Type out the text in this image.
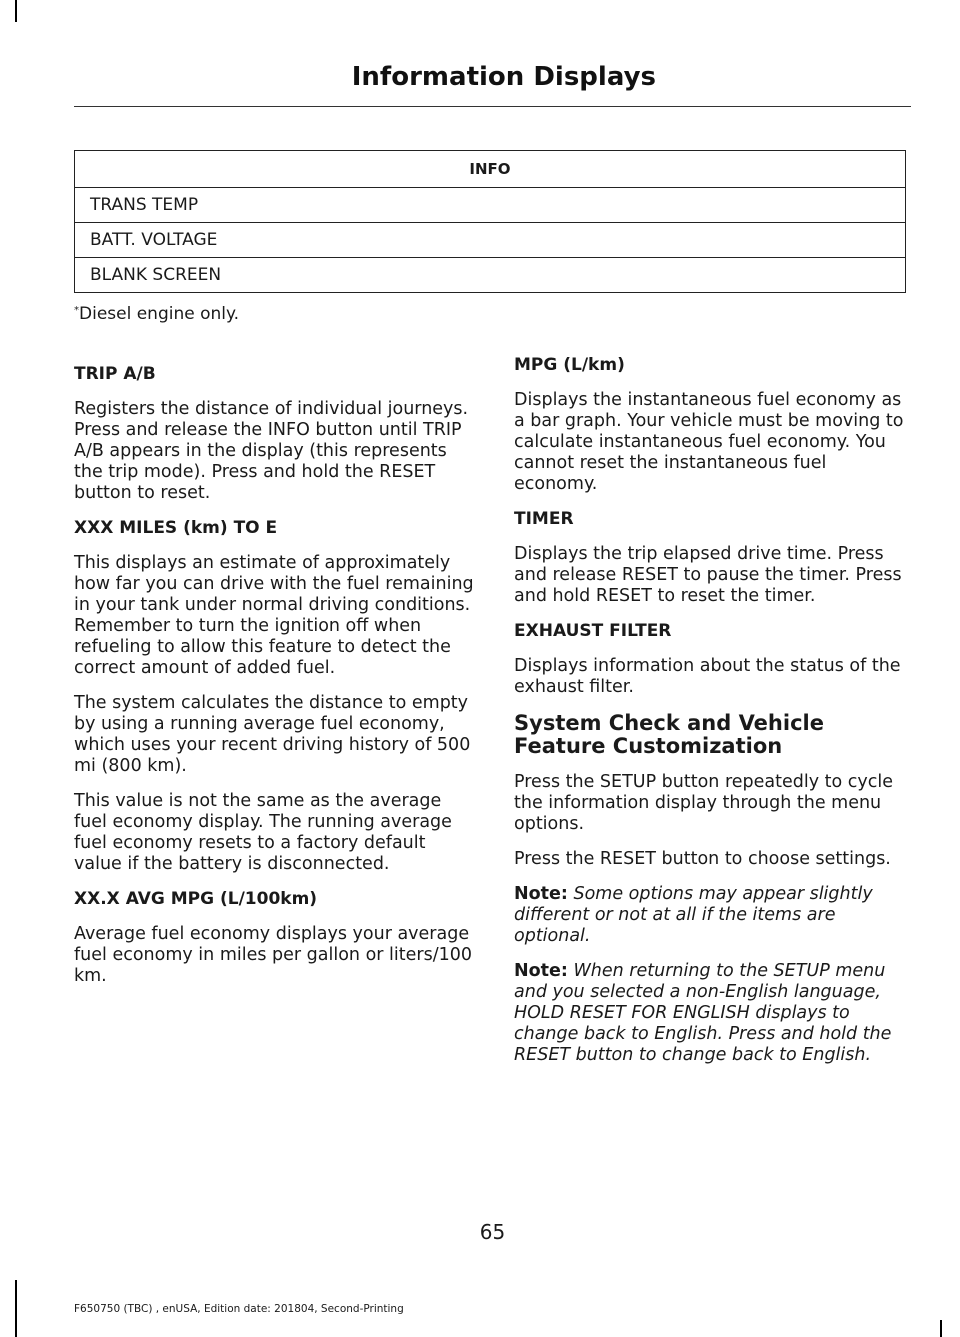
Information Displays
INFO
TRANS TEMP
BATT. VOLTAGE
BLANK SCREEN
*Diesel engine only.
TRIP A/B

Registers the distance of individual journeys. Press and release the INFO button until TRIP A/B appears in the display (this represents the trip mode). Press and hold the RESET button to reset.

XXX MILES (km) TO E

This displays an estimate of approximately how far you can drive with the fuel remaining in your tank under normal driving conditions. Remember to turn the ignition off when refueling to allow this feature to detect the correct amount of added fuel.

The system calculates the distance to empty by using a running average fuel economy, which uses your recent driving history of 500 mi (800 km).

This value is not the same as the average fuel economy display. The running average fuel economy resets to a factory default value if the battery is disconnected.

XX.X AVG MPG (L/100km)

Average fuel economy displays your average fuel economy in miles per gallon or liters/100 km.

MPG (L/km)

Displays the instantaneous fuel economy as a bar graph. Your vehicle must be moving to calculate instantaneous fuel economy. You cannot reset the instantaneous fuel economy.

TIMER

Displays the trip elapsed drive time. Press and release RESET to pause the timer. Press and hold RESET to reset the timer.

EXHAUST FILTER

Displays information about the status of the exhaust filter.

System Check and Vehicle Feature Customization

Press the SETUP button repeatedly to cycle the information display through the menu options.

Press the RESET button to choose settings.

Note: Some options may appear slightly different or not at all if the items are optional.

Note: When returning to the SETUP menu and you selected a non-English language, HOLD RESET FOR ENGLISH displays to change back to English. Press and hold the RESET button to change back to English.

65
F650750 (TBC) , enUSA, Edition date: 201804, Second-Printing
